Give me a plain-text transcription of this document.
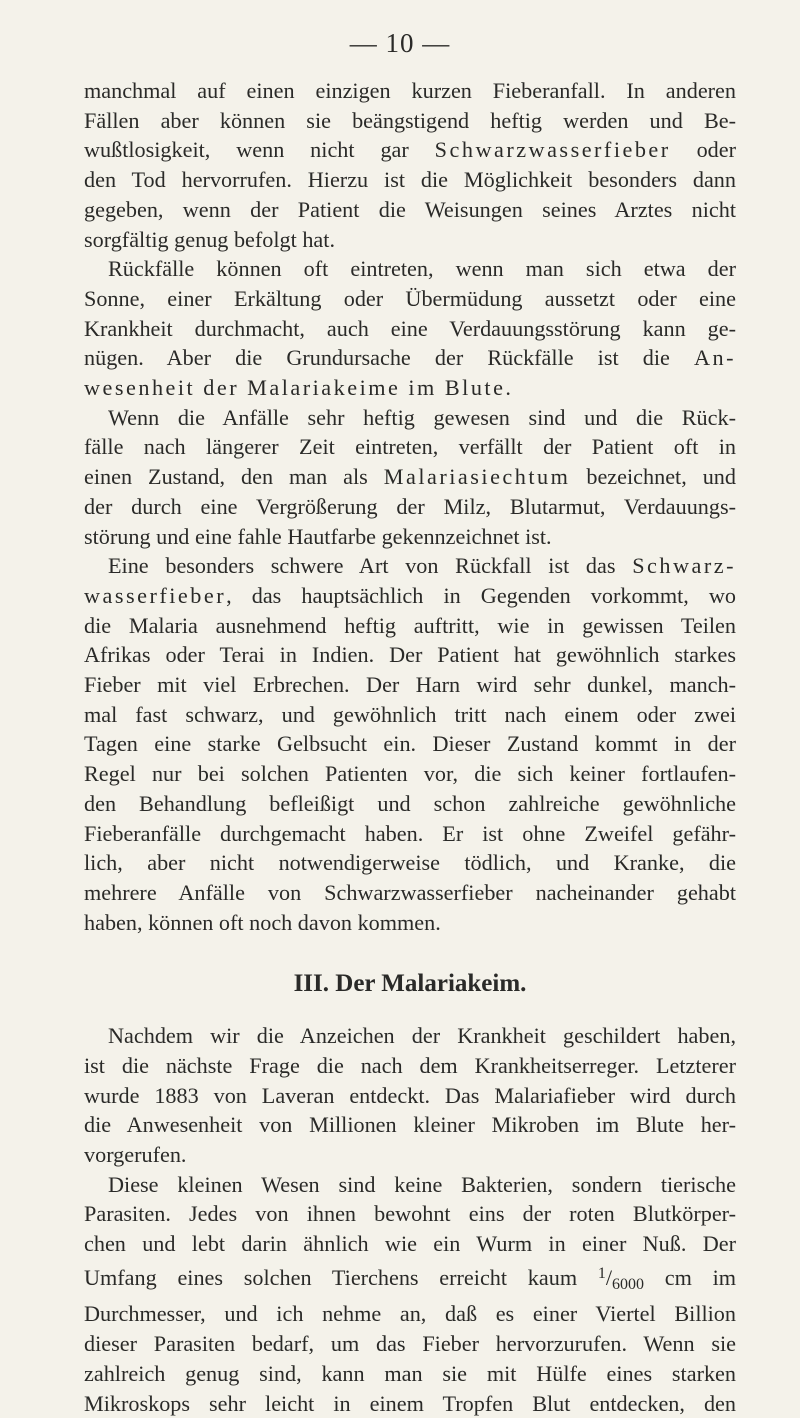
— 10 —
manchmal auf einen einzigen kurzen Fieberanfall. In anderen
Fällen aber können sie beängstigend heftig werden und Be-
wußtlosigkeit, wenn nicht gar Schwarzwasserfieber oder
den Tod hervorrufen. Hierzu ist die Möglichkeit besonders dann
gegeben, wenn der Patient die Weisungen seines Arztes nicht
sorgfältig genug befolgt hat.
Rückfälle können oft eintreten, wenn man sich etwa der
Sonne, einer Erkältung oder Übermüdung aussetzt oder eine
Krankheit durchmacht, auch eine Verdauungsstörung kann ge-
nügen. Aber die Grundursache der Rückfälle ist die An-
wesenheit der Malariakeime im Blute.
Wenn die Anfälle sehr heftig gewesen sind und die Rück-
fälle nach längerer Zeit eintreten, verfällt der Patient oft in
einen Zustand, den man als Malariasiechtum bezeichnet, und
der durch eine Vergrößerung der Milz, Blutarmut, Verdauungs-
störung und eine fahle Hautfarbe gekennzeichnet ist.
Eine besonders schwere Art von Rückfall ist das Schwarz-
wasserfieber, das hauptsächlich in Gegenden vorkommt, wo
die Malaria ausnehmend heftig auftritt, wie in gewissen Teilen
Afrikas oder Terai in Indien. Der Patient hat gewöhnlich starkes
Fieber mit viel Erbrechen. Der Harn wird sehr dunkel, manch-
mal fast schwarz, und gewöhnlich tritt nach einem oder zwei
Tagen eine starke Gelbsucht ein. Dieser Zustand kommt in der
Regel nur bei solchen Patienten vor, die sich keiner fortlaufen-
den Behandlung befleißigt und schon zahlreiche gewöhnliche
Fieberanfälle durchgemacht haben. Er ist ohne Zweifel gefähr-
lich, aber nicht notwendigerweise tödlich, und Kranke, die
mehrere Anfälle von Schwarzwasserfieber nacheinander gehabt
haben, können oft noch davon kommen.
III. Der Malariakeim.
Nachdem wir die Anzeichen der Krankheit geschildert haben,
ist die nächste Frage die nach dem Krankheitserreger. Letzterer
wurde 1883 von Laveran entdeckt. Das Malariafieber wird durch
die Anwesenheit von Millionen kleiner Mikroben im Blute her-
vorgerufen.
Diese kleinen Wesen sind keine Bakterien, sondern tierische
Parasiten. Jedes von ihnen bewohnt eins der roten Blutkörper-
chen und lebt darin ähnlich wie ein Wurm in einer Nuß. Der
Umfang eines solchen Tierchens erreicht kaum $^1/_{6000}$ cm im
Durchmesser, und ich nehme an, daß es einer Viertel Billion
dieser Parasiten bedarf, um das Fieber hervorzurufen. Wenn sie
zahlreich genug sind, kann man sie mit Hülfe eines starken
Mikroskops sehr leicht in einem Tropfen Blut entdecken, den
